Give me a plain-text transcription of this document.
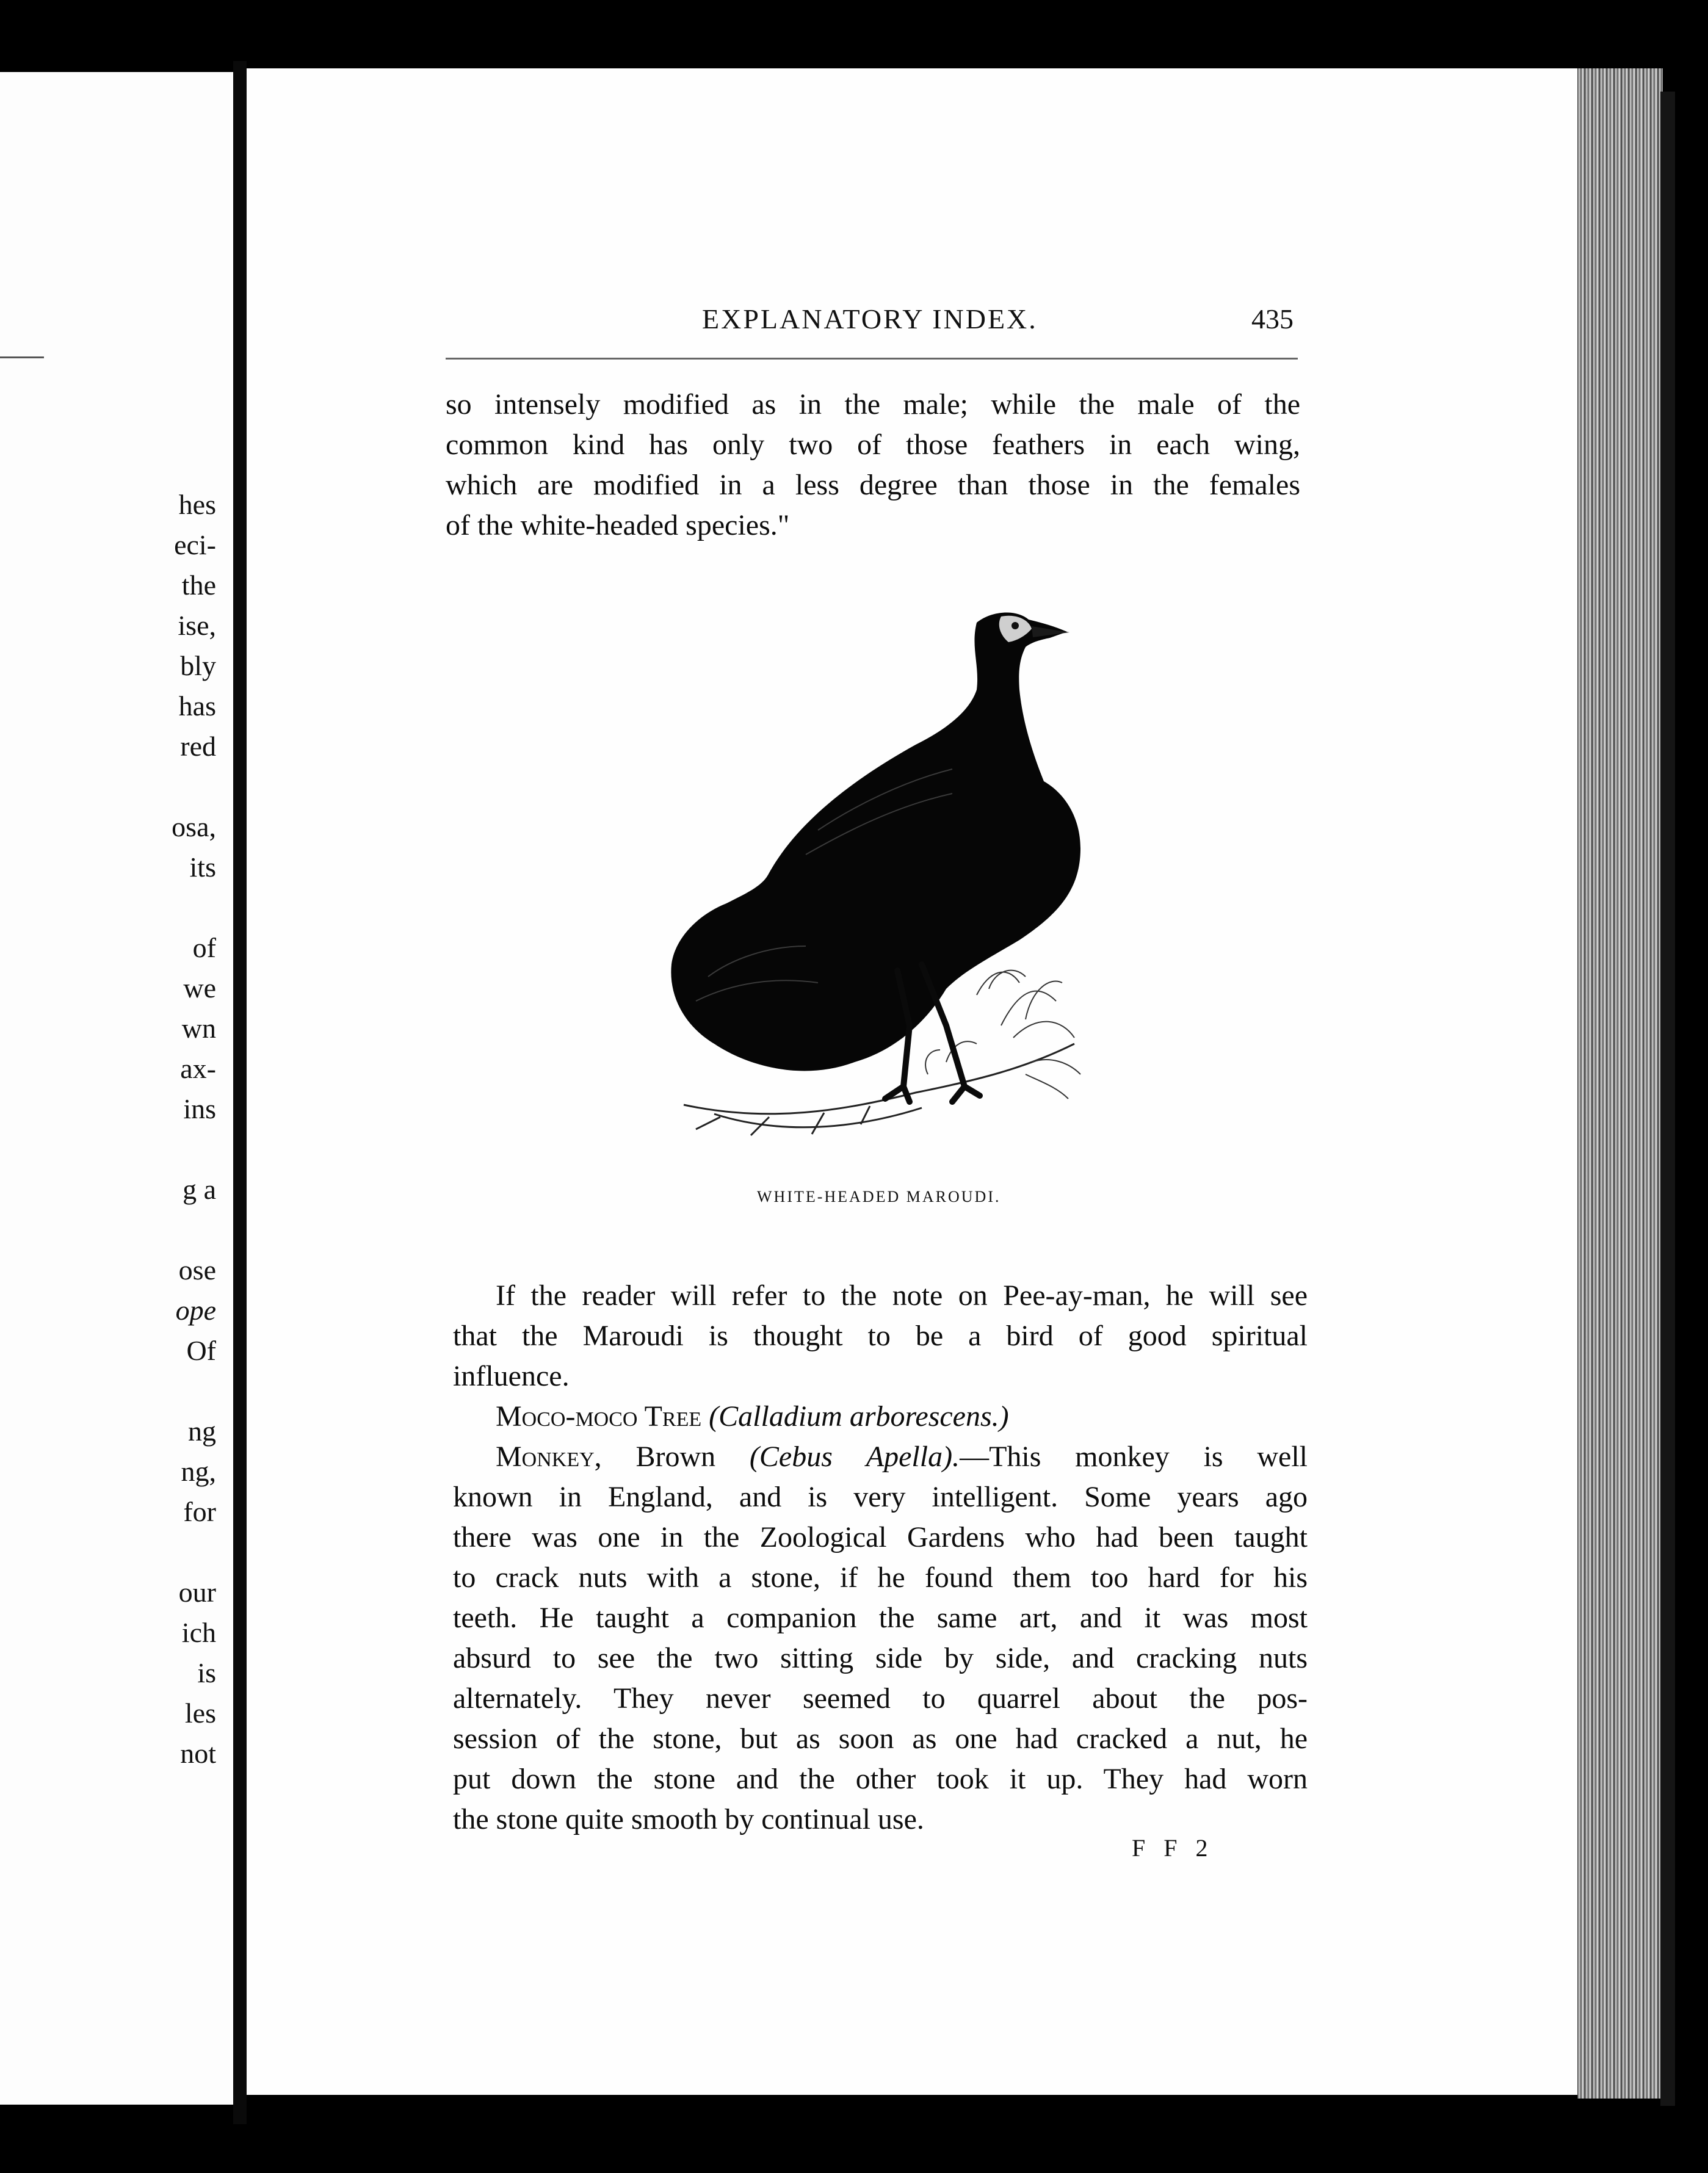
hes
eci-
the
ise,
bly
has
red
osa,
its
of
we
wn
ax-
ins
g a
ose
ope
Of
ng
ng,
for
our
ich
is
les
not
EXPLANATORY INDEX.	435
so intensely modified as in the male; while the male of the
common kind has only two of those feathers in each wing,
which are modified in a less degree than those in the females
of the white-headed species."
WHITE-HEADED MAROUDI.
If the reader will refer to the note on Pee-ay-man, he will see
that the Maroudi is thought to be a bird of good spiritual
influence.
Moco-moco Tree (Calladium arborescens.)
Monkey, Brown (Cebus Apella).—This monkey is well
known in England, and is very intelligent. Some years ago
there was one in the Zoological Gardens who had been taught
to crack nuts with a stone, if he found them too hard for his
teeth. He taught a companion the same art, and it was most
absurd to see the two sitting side by side, and cracking nuts
alternately. They never seemed to quarrel about the pos-
session of the stone, but as soon as one had cracked a nut, he
put down the stone and the other took it up. They had worn
the stone quite smooth by continual use.
F F 2
